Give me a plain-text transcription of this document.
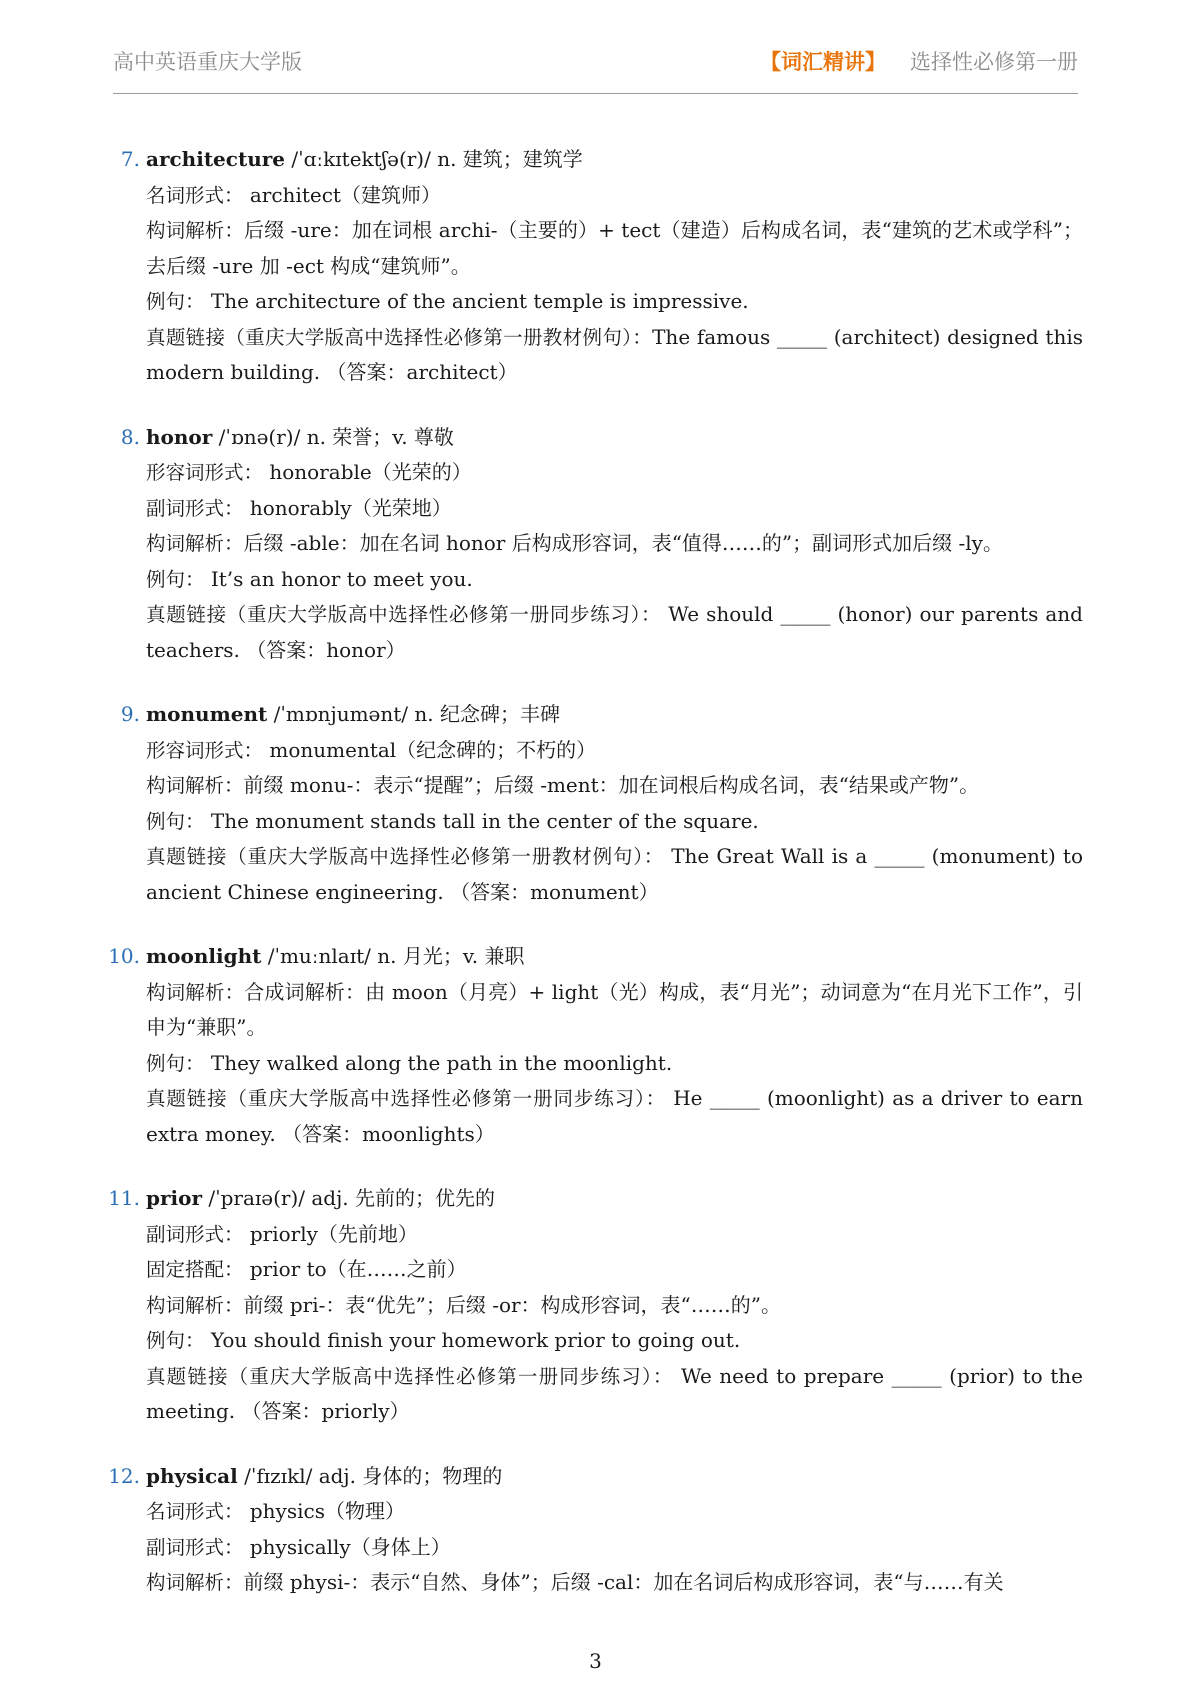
高中英语重庆大学版	【词汇精讲】 选择性必修第一册
7. architecture /ˈɑːkɪtektʃə(r)/ n. 建筑；建筑学
名词形式： architect（建筑师）
构词解析：后缀 -ure：加在词根 archi-（主要的）+ tect（建造）后构成名词，表“建筑的艺术或学科”；去后缀 -ure 加 -ect 构成“建筑师”。
例句： The architecture of the ancient temple is impressive.
真题链接（重庆大学版高中选择性必修第一册教材例句）：The famous _____ (architect) designed this modern building. （答案：architect）
8. honor /ˈɒnə(r)/ n. 荣誉；v. 尊敬
形容词形式： honorable（光荣的）
副词形式： honorably（光荣地）
构词解析：后缀 -able：加在名词 honor 后构成形容词，表“值得……的”；副词形式加后缀 -ly。
例句： It’s an honor to meet you.
真题链接（重庆大学版高中选择性必修第一册同步练习）： We should _____ (honor) our parents and teachers. （答案：honor）
9. monument /ˈmɒnjumənt/ n. 纪念碑；丰碑
形容词形式： monumental（纪念碑的；不朽的）
构词解析：前缀 monu-：表示“提醒”；后缀 -ment：加在词根后构成名词，表“结果或产物”。
例句： The monument stands tall in the center of the square.
真题链接（重庆大学版高中选择性必修第一册教材例句）： The Great Wall is a _____ (monument) to ancient Chinese engineering. （答案：monument）
10. moonlight /ˈmuːnlaɪt/ n. 月光；v. 兼职
构词解析：合成词解析：由 moon（月亮）+ light（光）构成，表“月光”；动词意为“在月光下工作”，引申为“兼职”。
例句： They walked along the path in the moonlight.
真题链接（重庆大学版高中选择性必修第一册同步练习）： He _____ (moonlight) as a driver to earn extra money. （答案：moonlights）
11. prior /ˈpraɪə(r)/ adj. 先前的；优先的
副词形式： priorly（先前地）
固定搭配： prior to（在……之前）
构词解析：前缀 pri-：表“优先”；后缀 -or：构成形容词，表“……的”。
例句： You should finish your homework prior to going out.
真题链接（重庆大学版高中选择性必修第一册同步练习）： We need to prepare _____ (prior) to the meeting. （答案：priorly）
12. physical /ˈfɪzɪkl/ adj. 身体的；物理的
名词形式： physics（物理）
副词形式： physically（身体上）
构词解析：前缀 physi-：表示“自然、身体”；后缀 -cal：加在名词后构成形容词，表“与……有关
3
